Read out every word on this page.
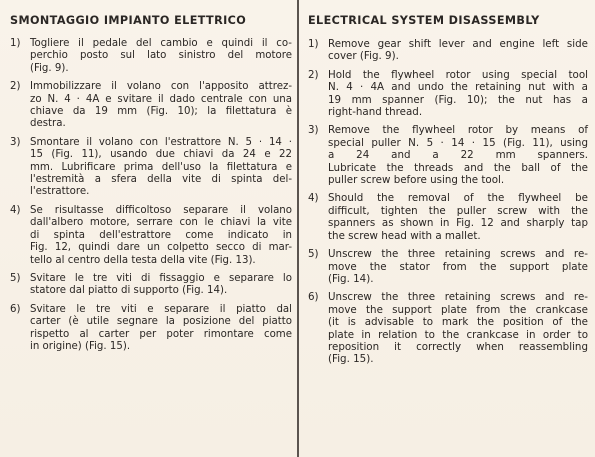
SMONTAGGIO IMPIANTO ELETTRICO
1) Togliere il pedale del cambio e quindi il co-
perchio posto sul lato sinistro del motore
(Fig. 9).
2) Immobilizzare il volano con l'apposito attrez-
zo N. 4 · 4A e svitare il dado centrale con una
chiave da 19 mm (Fig. 10); la filettatura è
destra.
3) Smontare il volano con l'estrattore N. 5 · 14 ·
15 (Fig. 11), usando due chiavi da 24 e 22
mm. Lubrificare prima dell'uso la filettatura e
l'estremità a sfera della vite di spinta del-
l'estrattore.
4) Se risultasse difficoltoso separare il volano
dall'albero motore, serrare con le chiavi la vite
di spinta dell'estrattore come indicato in
Fig. 12, quindi dare un colpetto secco di mar-
tello al centro della testa della vite (Fig. 13).
5) Svitare le tre viti di fissaggio e separare lo
statore dal piatto di supporto (Fig. 14).
6) Svitare le tre viti e separare il piatto dal
carter (è utile segnare la posizione del piatto
rispetto al carter per poter rimontare come
in origine) (Fig. 15).
ELECTRICAL SYSTEM DISASSEMBLY
1) Remove gear shift lever and engine left side
cover (Fig. 9).
2) Hold the flywheel rotor using special tool
N. 4 · 4A and undo the retaining nut with a
19 mm spanner (Fig. 10); the nut has a
right-hand thread.
3) Remove the flywheel rotor by means of
special puller N. 5 · 14 · 15 (Fig. 11), using
a 24 and a 22 mm spanners.
Lubricate the threads and the ball of the
puller screw before using the tool.
4) Should the removal of the flywheel be
difficult, tighten the puller screw with the
spanners as shown in Fig. 12 and sharply tap
the screw head with a mallet.
5) Unscrew the three retaining screws and re-
move the stator from the support plate
(Fig. 14).
6) Unscrew the three retaining screws and re-
move the support plate from the crankcase
(it is advisable to mark the position of the
plate in relation to the crankcase in order to
reposition it correctly when reassembling
(Fig. 15).
